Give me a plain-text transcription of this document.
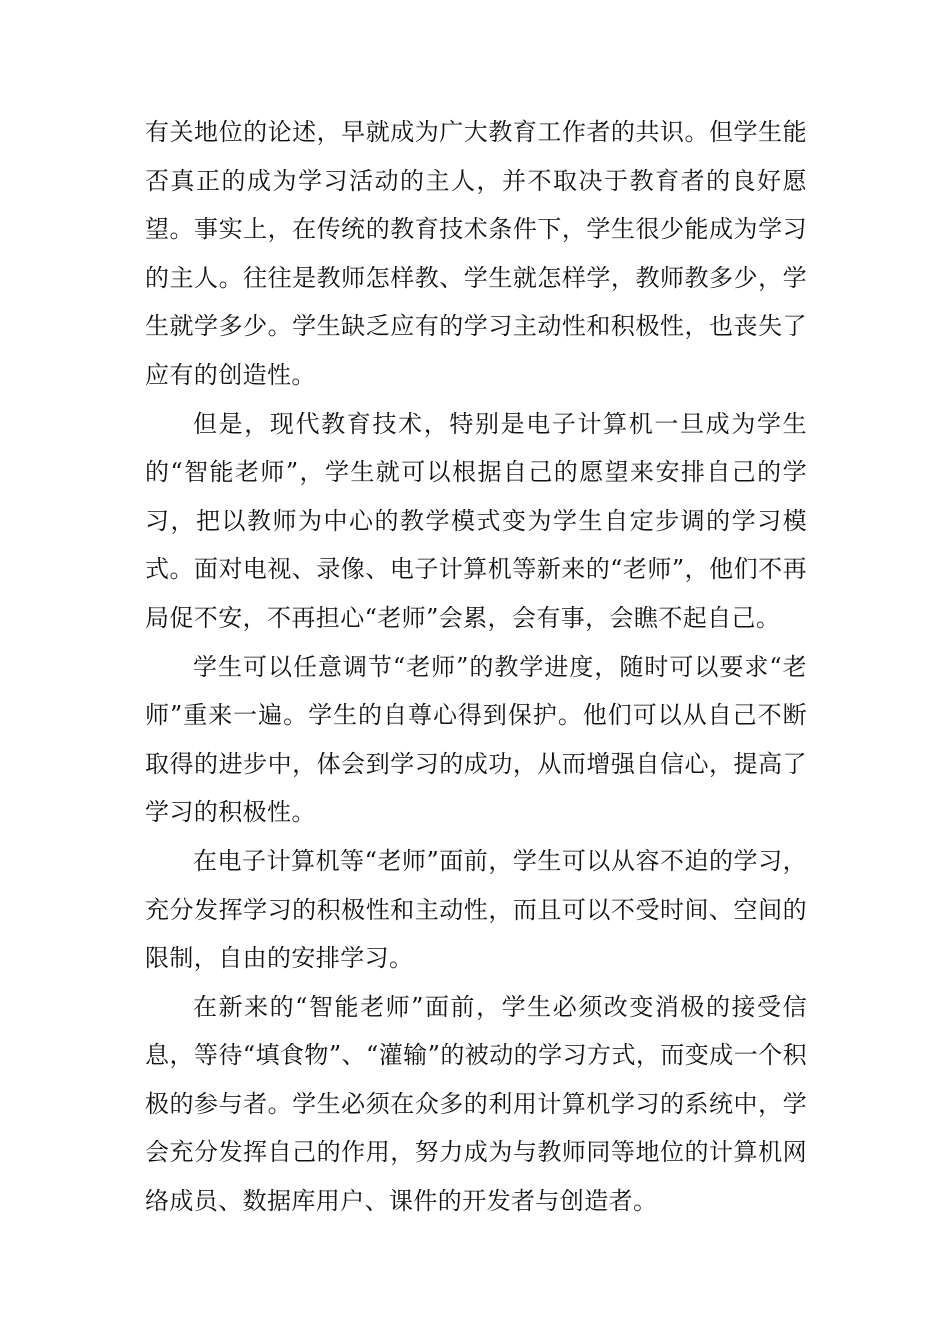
有关地位的论述，早就成为广大教育工作者的共识。但学生能否真正的成为学习活动的主人，并不取决于教育者的良好愿望。事实上，在传统的教育技术条件下，学生很少能成为学习的主人。往往是教师怎样教、学生就怎样学，教师教多少，学生就学多少。学生缺乏应有的学习主动性和积极性，也丧失了应有的创造性。

但是，现代教育技术，特别是电子计算机一旦成为学生的“智能老师”，学生就可以根据自己的愿望来安排自己的学习，把以教师为中心的教学模式变为学生自定步调的学习模式。面对电视、录像、电子计算机等新来的“老师”，他们不再局促不安，不再担心“老师”会累，会有事，会瞧不起自己。

学生可以任意调节“老师”的教学进度，随时可以要求“老师”重来一遍。学生的自尊心得到保护。他们可以从自己不断取得的进步中，体会到学习的成功，从而增强自信心，提高了学习的积极性。

在电子计算机等“老师”面前，学生可以从容不迫的学习，充分发挥学习的积极性和主动性，而且可以不受时间、空间的限制，自由的安排学习。

在新来的“智能老师”面前，学生必须改变消极的接受信息，等待“填食物”、“灌输”的被动的学习方式，而变成一个积极的参与者。学生必须在众多的利用计算机学习的系统中，学会充分发挥自己的作用，努力成为与教师同等地位的计算机网络成员、数据库用户、课件的开发者与创造者。
